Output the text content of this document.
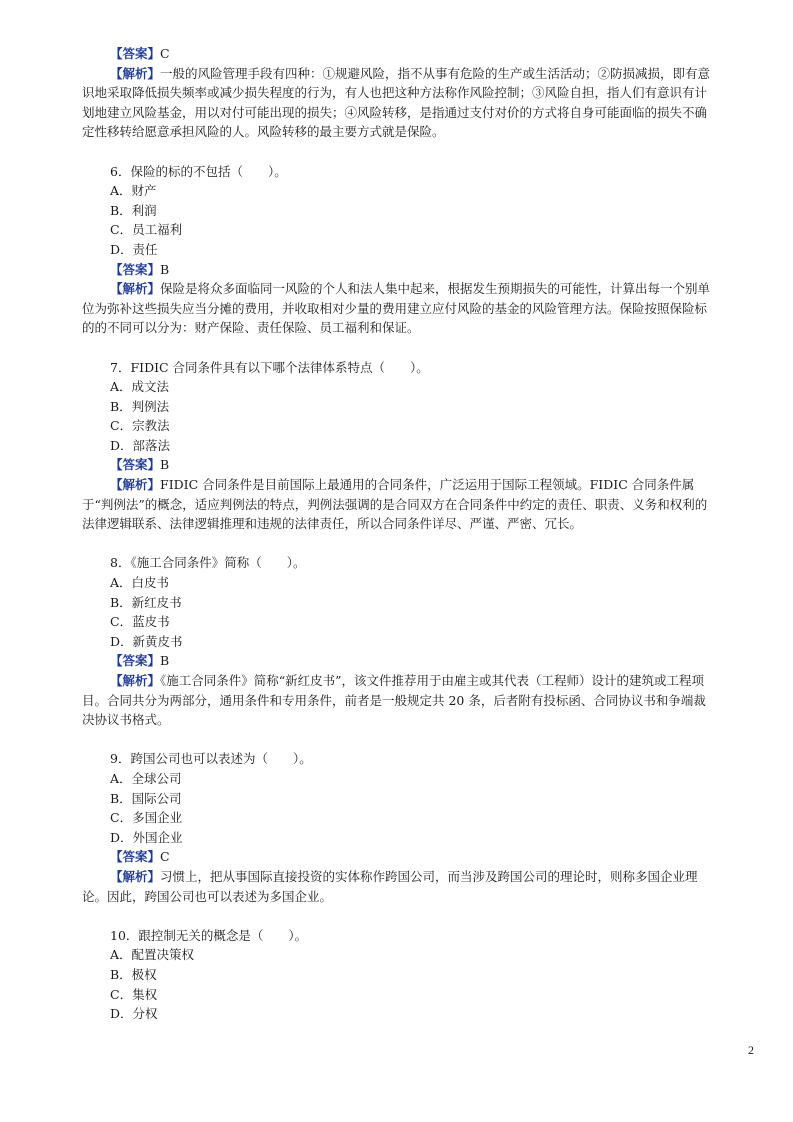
【答案】C
【解析】一般的风险管理手段有四种：①规避风险，指不从事有危险的生产或生活活动；②防损减损，即有意识地采取降低损失频率或减少损失程度的行为，有人也把这种方法称作风险控制；③风险自担，指人们有意识有计划地建立风险基金，用以对付可能出现的损失；④风险转移，是指通过支付对价的方式将自身可能面临的损失不确定性移转给愿意承担风险的人。风险转移的最主要方式就是保险。
6．保险的标的不包括（　　）。
A．财产
B．利润
C．员工福利
D．责任
【答案】B
【解析】保险是将众多面临同一风险的个人和法人集中起来，根据发生预期损失的可能性，计算出每一个别单位为弥补这些损失应当分摊的费用，并收取相对少量的费用建立应付风险的基金的风险管理方法。保险按照保险标的的不同可以分为：财产保险、责任保险、员工福利和保证。
7．FIDIC 合同条件具有以下哪个法律体系特点（　　）。
A．成文法
B．判例法
C．宗教法
D．部落法
【答案】B
【解析】FIDIC 合同条件是目前国际上最通用的合同条件，广泛运用于国际工程领域。FIDIC 合同条件属于“判例法”的概念，适应判例法的特点，判例法强调的是合同双方在合同条件中约定的责任、职责、义务和权利的法律逻辑联系、法律逻辑推理和违规的法律责任，所以合同条件详尽、严谨、严密、冗长。
8．《施工合同条件》简称（　　）。
A．白皮书
B．新红皮书
C．蓝皮书
D．新黄皮书
【答案】B
【解析】《施工合同条件》简称“新红皮书”，该文件推荐用于由雇主或其代表（工程师）设计的建筑或工程项目。合同共分为两部分，通用条件和专用条件，前者是一般规定共 20 条，后者附有投标函、合同协议书和争端裁决协议书格式。
9．跨国公司也可以表述为（　　）。
A．全球公司
B．国际公司
C．多国企业
D．外国企业
【答案】C
【解析】习惯上，把从事国际直接投资的实体称作跨国公司，而当涉及跨国公司的理论时，则称多国企业理论。因此，跨国公司也可以表述为多国企业。
10．跟控制无关的概念是（　　）。
A．配置决策权
B．极权
C．集权
D．分权
2
